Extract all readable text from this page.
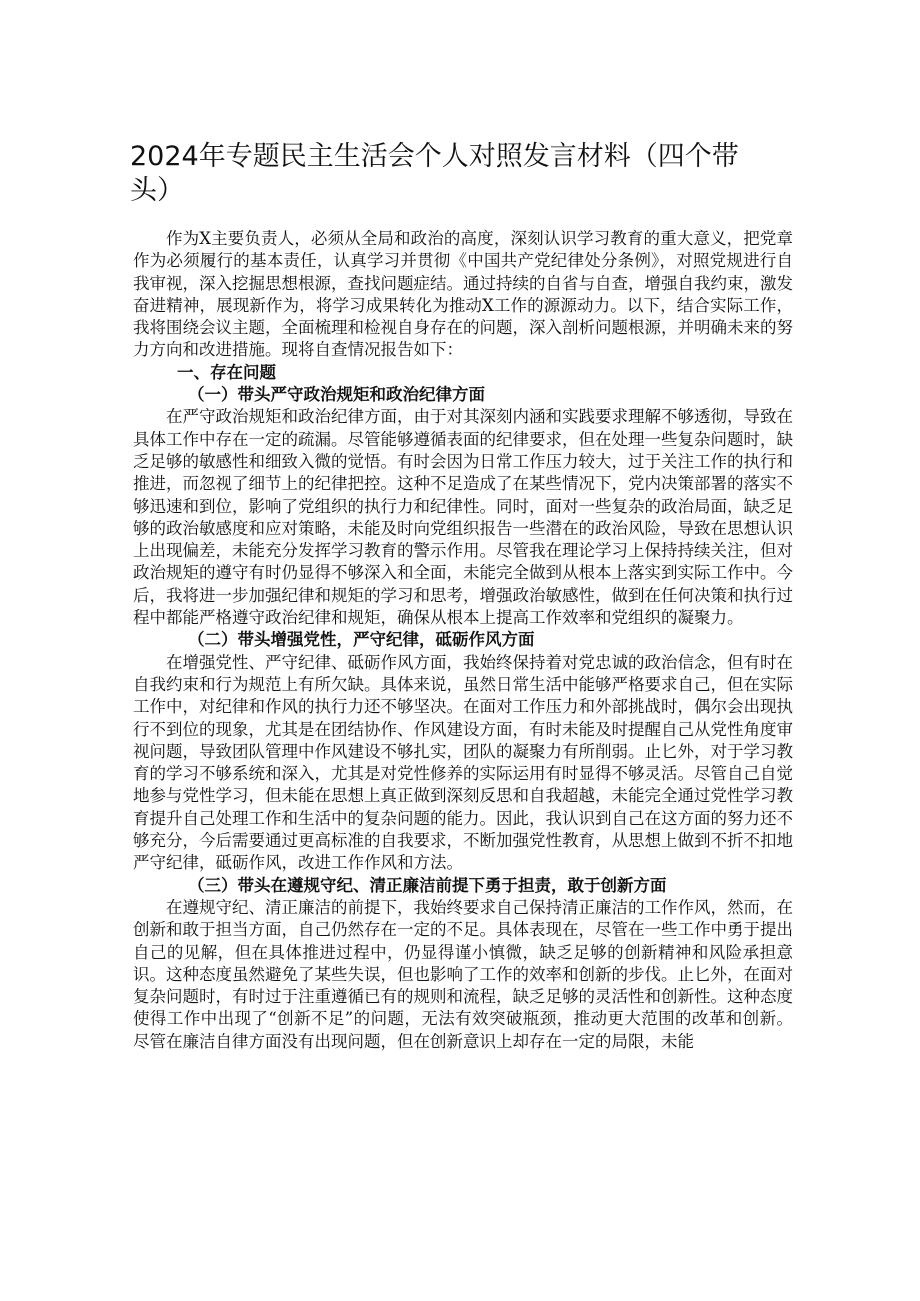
2024年专题民主生活会个人对照发言材料（四个带头）

作为X主要负责人，必须从全局和政治的高度，深刻认识学习教育的重大意义，把党章作为必须履行的基本责任，认真学习并贯彻《中国共产党纪律处分条例》，对照党规进行自我审视，深入挖掘思想根源，查找问题症结。通过持续的自省与自查，增强自我约束，激发奋进精神，展现新作为，将学习成果转化为推动X工作的源源动力。以下，结合实际工作，我将围绕会议主题，全面梳理和检视自身存在的问题，深入剖析问题根源，并明确未来的努力方向和改进措施。现将自查情况报告如下：

一、存在问题

（一）带头严守政治规矩和政治纪律方面

在严守政治规矩和政治纪律方面，由于对其深刻内涵和实践要求理解不够透彻，导致在具体工作中存在一定的疏漏。尽管能够遵循表面的纪律要求，但在处理一些复杂问题时，缺乏足够的敏感性和细致入微的觉悟。有时会因为日常工作压力较大，过于关注工作的执行和推进，而忽视了细节上的纪律把控。这种不足造成了在某些情况下，党内决策部署的落实不够迅速和到位，影响了党组织的执行力和纪律性。同时，面对一些复杂的政治局面，缺乏足够的政治敏感度和应对策略，未能及时向党组织报告一些潜在的政治风险，导致在思想认识上出现偏差，未能充分发挥学习教育的警示作用。尽管我在理论学习上保持持续关注，但对政治规矩的遵守有时仍显得不够深入和全面，未能完全做到从根本上落实到实际工作中。今后，我将进一步加强纪律和规矩的学习和思考，增强政治敏感性，做到在任何决策和执行过程中都能严格遵守政治纪律和规矩，确保从根本上提高工作效率和党组织的凝聚力。

（二）带头增强党性，严守纪律，砥砺作风方面

在增强党性、严守纪律、砥砺作风方面，我始终保持着对党忠诚的政治信念，但有时在自我约束和行为规范上有所欠缺。具体来说，虽然日常生活中能够严格要求自己，但在实际工作中，对纪律和作风的执行力还不够坚决。在面对工作压力和外部挑战时，偶尔会出现执行不到位的现象，尤其是在团结协作、作风建设方面，有时未能及时提醒自己从党性角度审视问题，导致团队管理中作风建设不够扎实，团队的凝聚力有所削弱。止匕外，对于学习教育的学习不够系统和深入，尤其是对党性修养的实际运用有时显得不够灵活。尽管自己自觉地参与党性学习，但未能在思想上真正做到深刻反思和自我超越，未能完全通过党性学习教育提升自己处理工作和生活中的复杂问题的能力。因此，我认识到自己在这方面的努力还不够充分，今后需要通过更高标准的自我要求，不断加强党性教育，从思想上做到不折不扣地严守纪律，砥砺作风，改进工作作风和方法。

（三）带头在遵规守纪、清正廉洁前提下勇于担责，敢于创新方面

在遵规守纪、清正廉洁的前提下，我始终要求自己保持清正廉洁的工作作风，然而，在创新和敢于担当方面，自己仍然存在一定的不足。具体表现在，尽管在一些工作中勇于提出自己的见解，但在具体推进过程中，仍显得谨小慎微，缺乏足够的创新精神和风险承担意识。这种态度虽然避免了某些失误，但也影响了工作的效率和创新的步伐。止匕外，在面对复杂问题时，有时过于注重遵循已有的规则和流程，缺乏足够的灵活性和创新性。这种态度使得工作中出现了“创新不足”的问题，无法有效突破瓶颈，推动更大范围的改革和创新。尽管在廉洁自律方面没有出现问题，但在创新意识上却存在一定的局限，未能
